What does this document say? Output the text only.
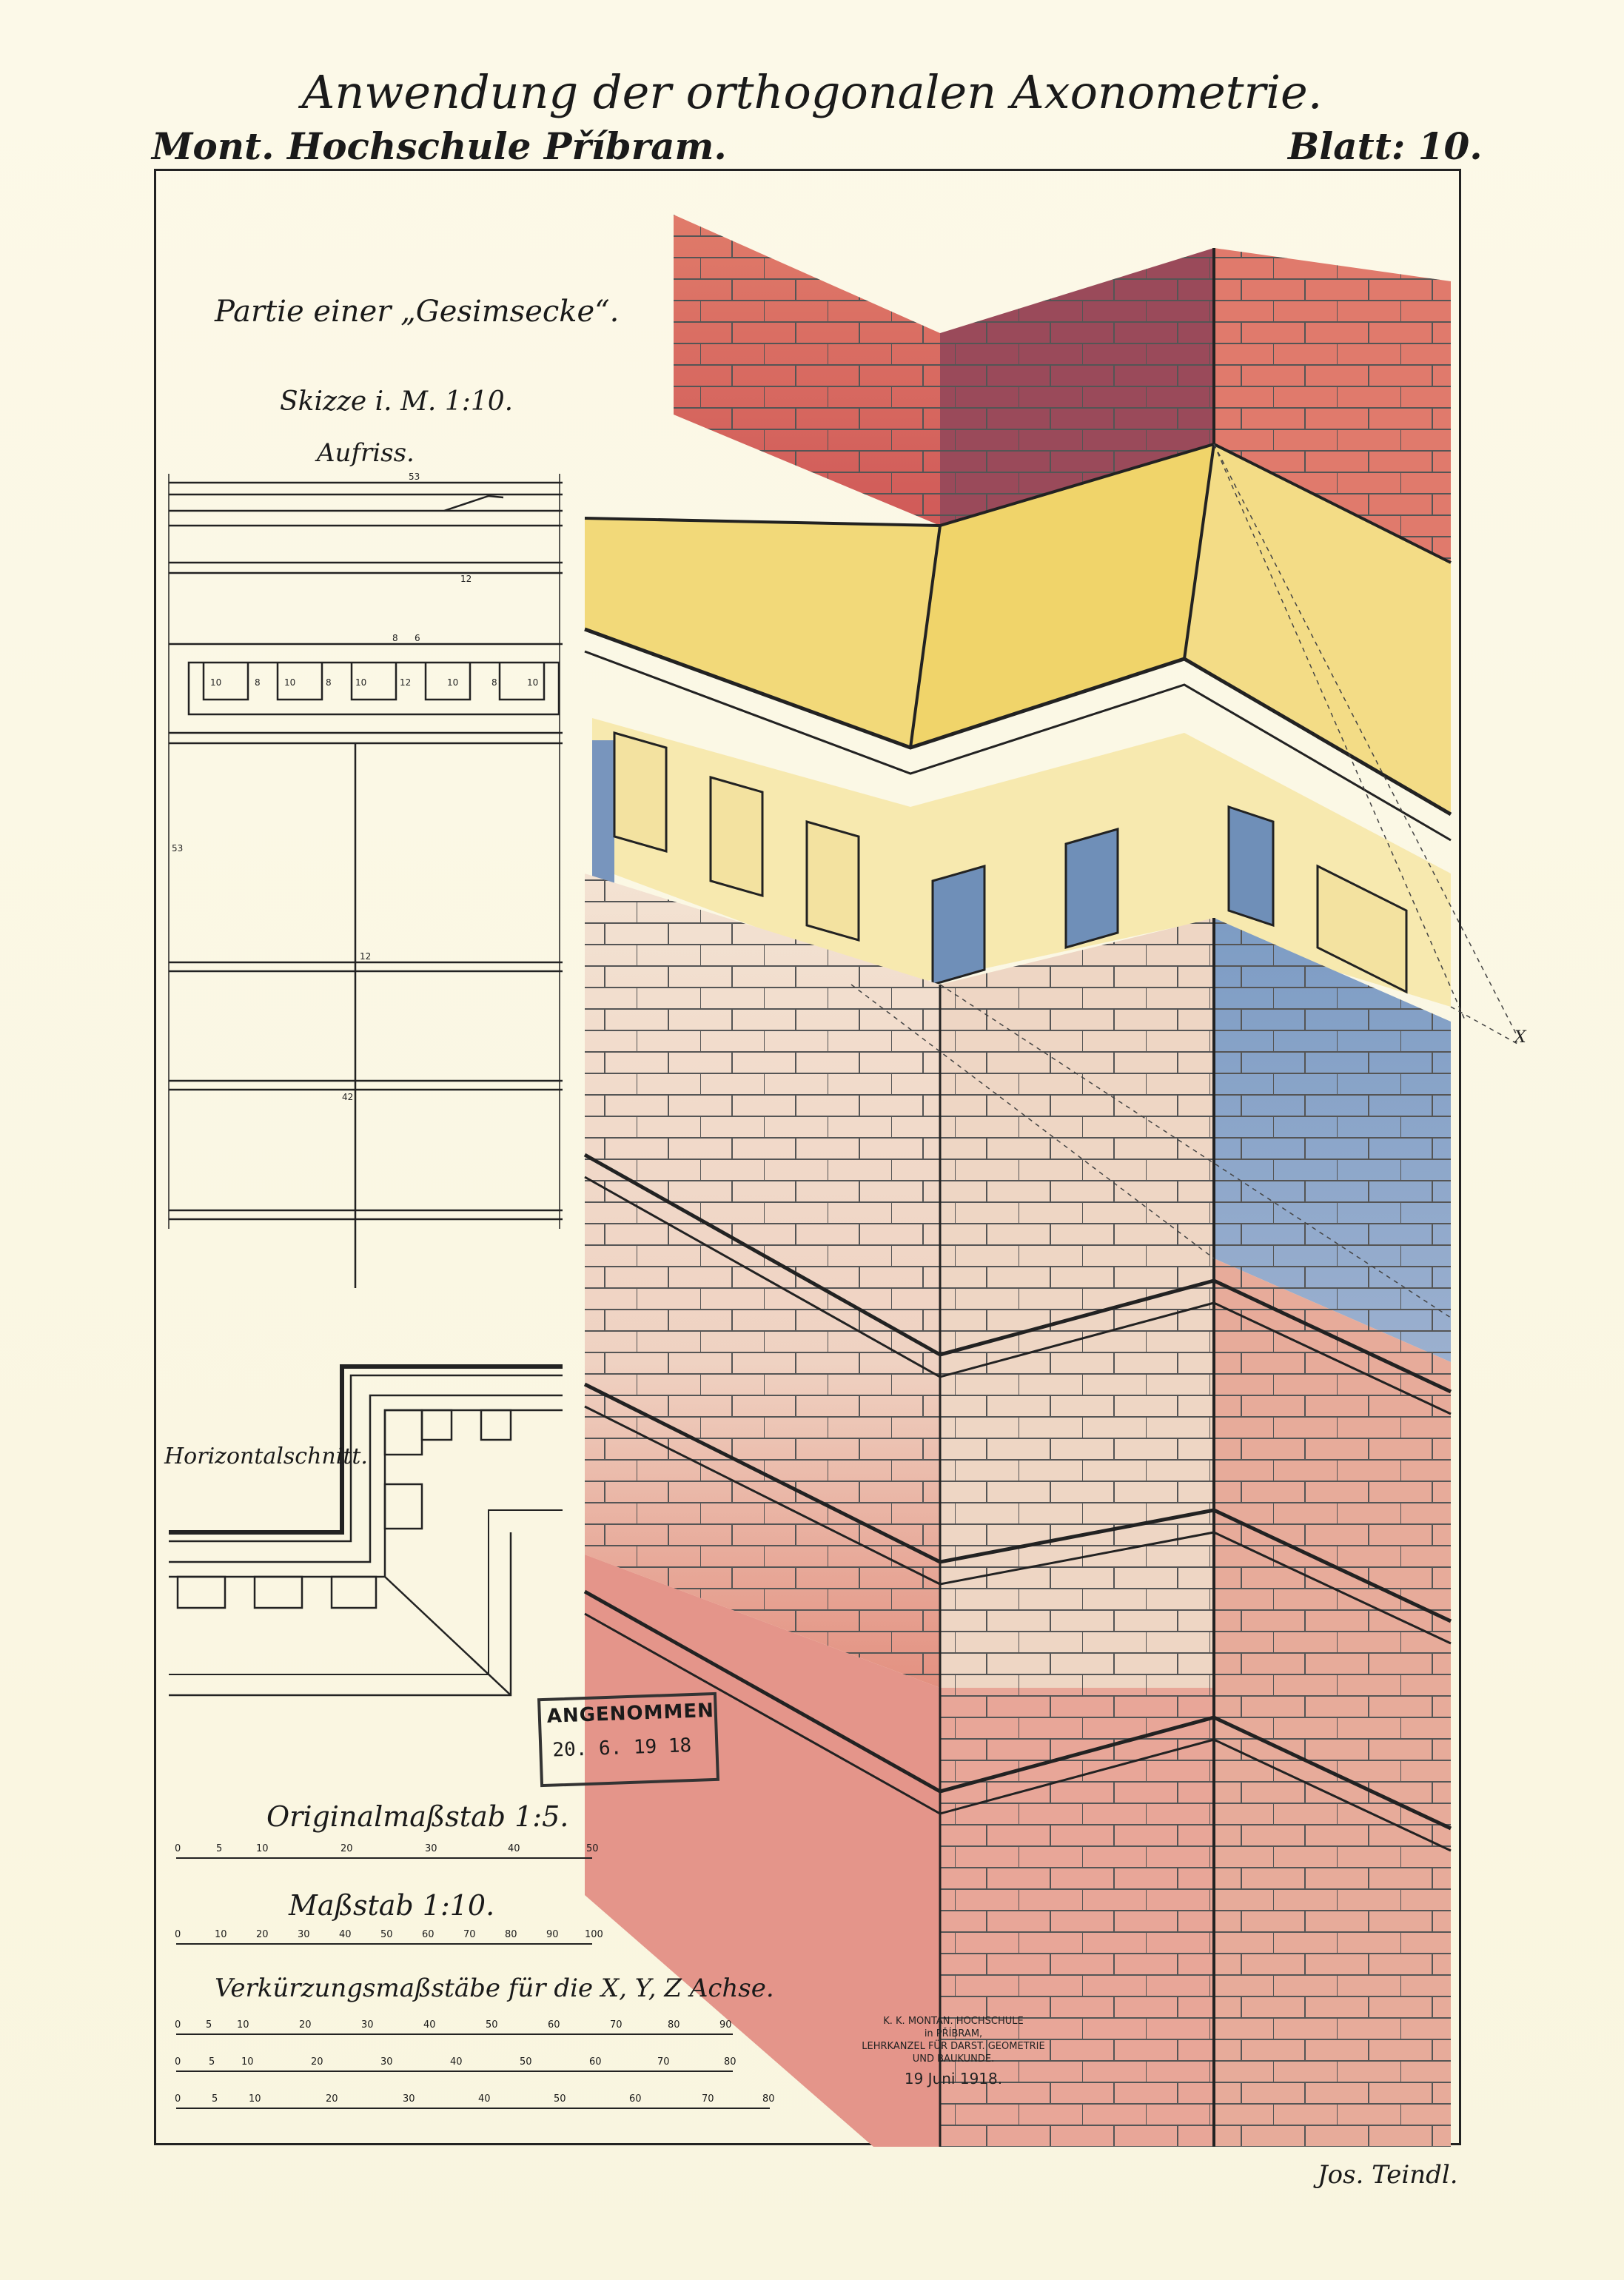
Anwendung der orthogonalen Axonometrie.
Mont. Hochschule Příbram.	Blatt: 10.
X
53
12
8 6
10	8	10	8	10	12	10	8	10
53
12
42
Partie einer „Gesimsecke“.
Skizze i. M. 1:10.
Aufriss.
Horizontalschnitt.
Originalmaßstab 1:5.
Maßstab 1:10.
Verkürzungsmaßstäbe für die X, Y, Z Achse.
0	5	10	20	30	40	50
0	10	20	30	40	50	60	70	80	90	100
0	5	10	20	30	40	50	60	70	80	90
0	5	10	20	30	40	50	60	70	80
0	5	10	20	30	40	50	60	70	80
ANGENOMMEN
20. 6. 19 18
K. K. MONTAN. HOCHSCHULE
in PŘÍBRAM,
LEHRKANZEL FÜR DARST. GEOMETRIE
UND BAUKUNDE.
19 Juni 1918.
Jos. Teindl.
